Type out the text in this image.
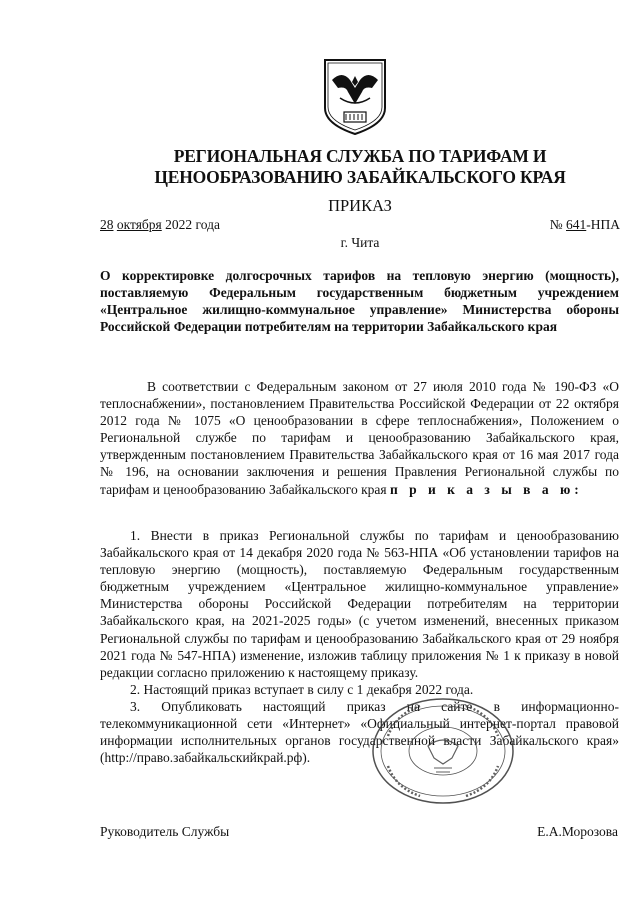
РЕГИОНАЛЬНАЯ СЛУЖБА ПО ТАРИФАМ И
ЦЕНООБРАЗОВАНИЮ ЗАБАЙКАЛЬСКОГО КРАЯ
ПРИКАЗ
28 октября 2022 года	№ 641-НПА
г. Чита
О корректировке долгосрочных тарифов на тепловую энергию (мощность), поставляемую Федеральным государственным бюджетным учреждением «Центральное жилищно-коммунальное управление» Министерства обороны Российской Федерации потребителям на территории Забайкальского края

В соответствии с Федеральным законом от 27 июля 2010 года № 190-ФЗ «О теплоснабжении», постановлением Правительства Российской Федерации от 22 октября 2012 года № 1075 «О ценообразовании в сфере теплоснабжения», Положением о Региональной службе по тарифам и ценообразованию Забайкальского края, утвержденным постановлением Правительства Забайкальского края от 16 мая 2017 года № 196, на основании заключения и решения Правления Региональной службы по тарифам и ценообразованию Забайкальского края п р и к а з ы в а ю:

1. Внести в приказ Региональной службы по тарифам и ценообразованию Забайкальского края от 14 декабря 2020 года № 563-НПА «Об установлении тарифов на тепловую энергию (мощность), поставляемую Федеральным государственным бюджетным учреждением «Центральное жилищно-коммунальное управление» Министерства обороны Российской Федерации потребителям на территории Забайкальского края, на 2021-2025 годы» (с учетом изменений, внесенных приказом Региональной службы по тарифам и ценообразованию Забайкальского края от 29 ноября 2021 года № 547-НПА) изменение, изложив таблицу приложения № 1 к приказу в новой редакции согласно приложению к настоящему приказу.

2. Настоящий приказ вступает в силу с 1 декабря 2022 года.

3. Опубликовать настоящий приказ на сайте в информационно-телекоммуникационной сети «Интернет» «Официальный интернет-портал правовой информации исполнительных органов государственной власти Забайкальского края» (http://право.забайкальскийкрай.рф).

Руководитель Службы	Е.А.Морозова
